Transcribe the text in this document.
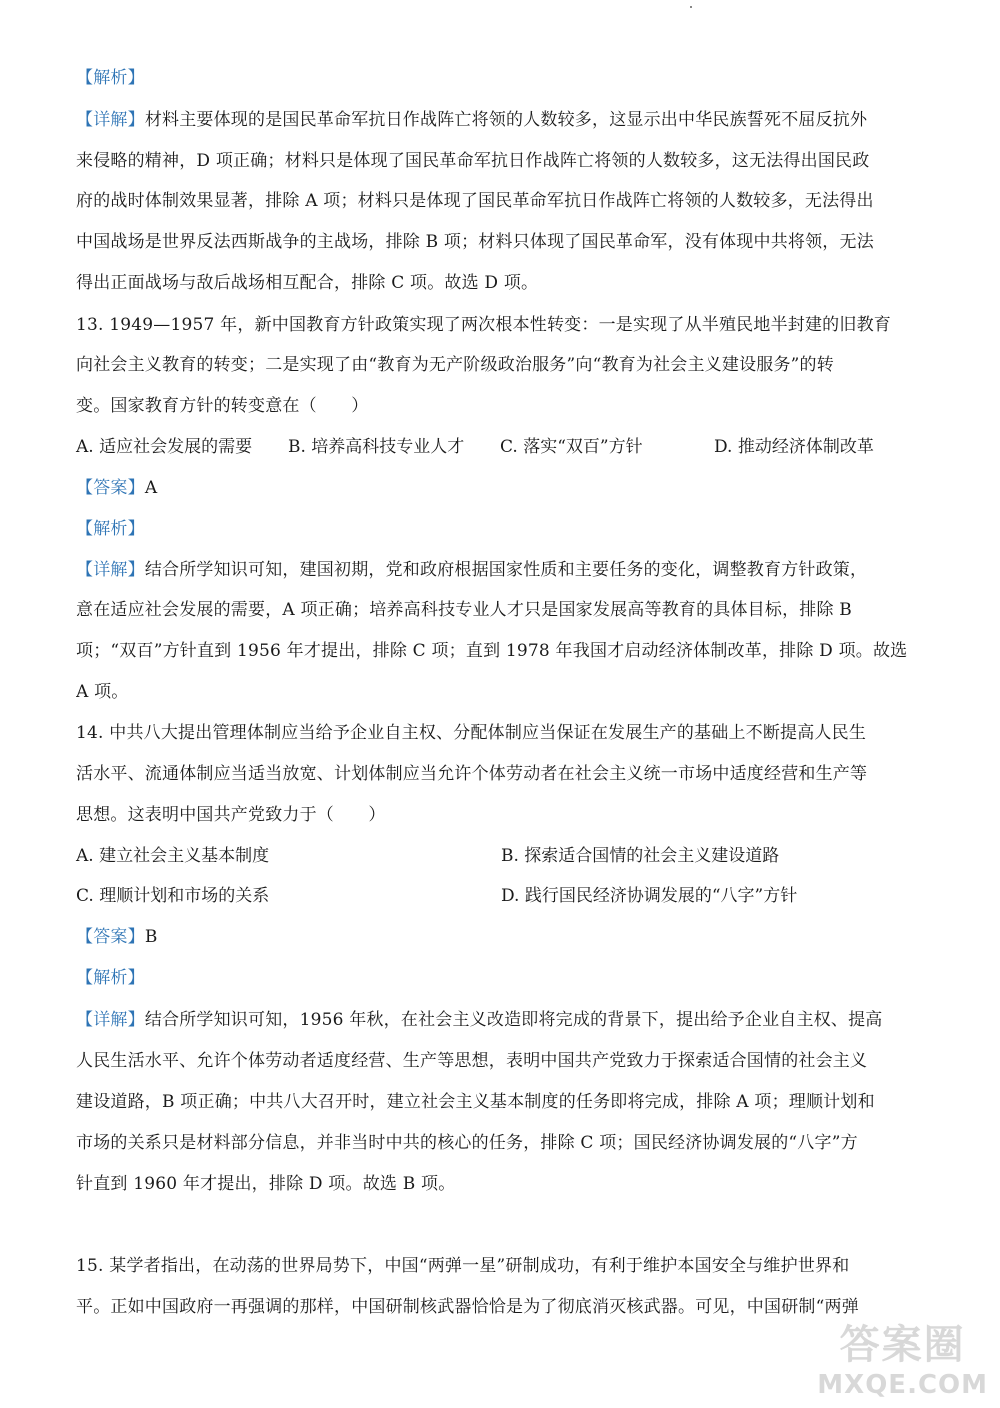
【解析】
【详解】材料主要体现的是国民革命军抗日作战阵亡将领的人数较多，这显示出中华民族誓死不屈反抗外
来侵略的精神，D 项正确；材料只是体现了国民革命军抗日作战阵亡将领的人数较多，这无法得出国民政
府的战时体制效果显著，排除 A 项；材料只是体现了国民革命军抗日作战阵亡将领的人数较多，无法得出
中国战场是世界反法西斯战争的主战场，排除 B 项；材料只体现了国民革命军，没有体现中共将领，无法
得出正面战场与敌后战场相互配合，排除 C 项。故选 D 项。
13. 1949—1957 年，新中国教育方针政策实现了两次根本性转变：一是实现了从半殖民地半封建的旧教育
向社会主义教育的转变；二是实现了由“教育为无产阶级政治服务”向“教育为社会主义建设服务”的转
变。国家教育方针的转变意在（　　）
A. 适应社会发展的需要 B. 培养高科技专业人才 C. 落实“双百”方针	D. 推动经济体制改革
【答案】A
【解析】
【详解】结合所学知识可知，建国初期，党和政府根据国家性质和主要任务的变化，调整教育方针政策，
意在适应社会发展的需要，A 项正确；培养高科技专业人才只是国家发展高等教育的具体目标，排除 B
项；“双百”方针直到 1956 年才提出，排除 C 项；直到 1978 年我国才启动经济体制改革，排除 D 项。故选
A 项。
14. 中共八大提出管理体制应当给予企业自主权、分配体制应当保证在发展生产的基础上不断提高人民生
活水平、流通体制应当适当放宽、计划体制应当允许个体劳动者在社会主义统一市场中适度经营和生产等
思想。这表明中国共产党致力于（　　）
A. 建立社会主义基本制度	B. 探索适合国情的社会主义建设道路
C. 理顺计划和市场的关系	D. 践行国民经济协调发展的“八字”方针
【答案】B
【解析】
【详解】结合所学知识可知，1956 年秋，在社会主义改造即将完成的背景下，提出给予企业自主权、提高
人民生活水平、允许个体劳动者适度经营、生产等思想，表明中国共产党致力于探索适合国情的社会主义
建设道路，B 项正确；中共八大召开时，建立社会主义基本制度的任务即将完成，排除 A 项；理顺计划和
市场的关系只是材料部分信息，并非当时中共的核心的任务，排除 C 项；国民经济协调发展的“八字”方
针直到 1960 年才提出，排除 D 项。故选 B 项。
15. 某学者指出，在动荡的世界局势下，中国“两弹一星”研制成功，有利于维护本国安全与维护世界和
平。正如中国政府一再强调的那样，中国研制核武器恰恰是为了彻底消灭核武器。可见，中国研制“两弹
答案圈
MXQE.COM
